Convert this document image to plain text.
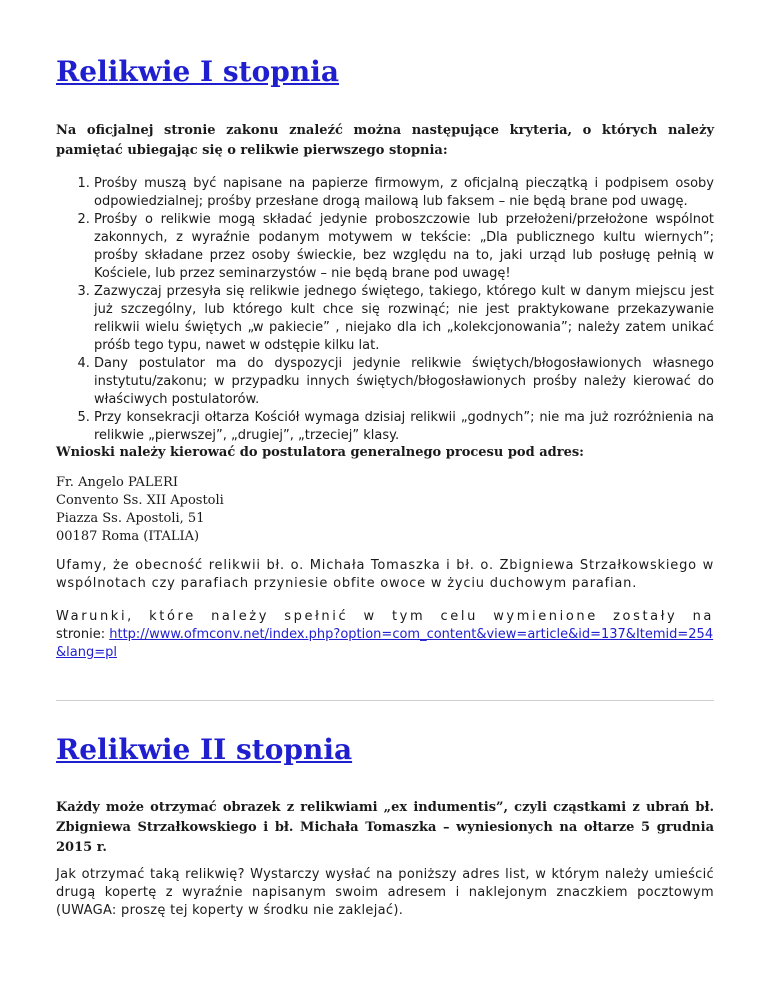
Relikwie I stopnia
Na oficjalnej stronie zakonu znaleźć można następujące kryteria, o których należy pamiętać ubiegając się o relikwie pierwszego stopnia:
1. Prośby muszą być napisane na papierze firmowym, z oficjalną pieczątką i podpisem osoby odpowiedzialnej; prośby przesłane drogą mailową lub faksem – nie będą brane pod uwagę.
2. Prośby o relikwie mogą składać jedynie proboszczowie lub przełożeni/przełożone wspólnot zakonnych, z wyraźnie podanym motywem w tekście: „Dla publicznego kultu wiernych”; prośby składane przez osoby świeckie, bez względu na to, jaki urząd lub posługę pełnią w Kościele, lub przez seminarzystów – nie będą brane pod uwagę!
3. Zazwyczaj przesyła się relikwie jednego świętego, takiego, którego kult w danym miejscu jest już szczególny, lub którego kult chce się rozwinąć; nie jest praktykowane przekazywanie relikwii wielu świętych „w pakiecie” , niejako dla ich „kolekcjonowania”; należy zatem unikać próśb tego typu, nawet w odstępie kilku lat.
4. Dany postulator ma do dyspozycji jedynie relikwie świętych/błogosławionych własnego instytutu/zakonu; w przypadku innych świętych/błogosławionych prośby należy kierować do właściwych postulatorów.
5. Przy konsekracji ołtarza Kościół wymaga dzisiaj relikwii „godnych”; nie ma już rozróżnienia na relikwie „pierwszej”, „drugiej”, „trzeciej” klasy.
Wnioski należy kierować do postulatora generalnego procesu pod adres:
Fr. Angelo PALERI
Convento Ss. XII Apostoli
Piazza Ss. Apostoli, 51
00187 Roma (ITALIA)
Ufamy, że obecność relikwii bł. o. Michała Tomaszka i bł. o. Zbigniewa Strzałkowskiego w wspólnotach czy parafiach przyniesie obfite owoce w życiu duchowym parafian.
Warunki, które należy spełnić w tym celu wymienione zostały na
stronie: http://www.ofmconv.net/index.php?option=com_content&view=article&id=137&Itemid=254&lang=pl
Relikwie II stopnia
Każdy może otrzymać obrazek z relikwiami „ex indumentis”, czyli cząstkami z ubrań bł. Zbigniewa Strzałkowskiego i bł. Michała Tomaszka – wyniesionych na ołtarze 5 grudnia 2015 r.
Jak otrzymać taką relikwię? Wystarczy wysłać na poniższy adres list, w którym należy umieścić drugą kopertę z wyraźnie napisanym swoim adresem i naklejonym znaczkiem pocztowym (UWAGA: proszę tej koperty w środku nie zaklejać).
